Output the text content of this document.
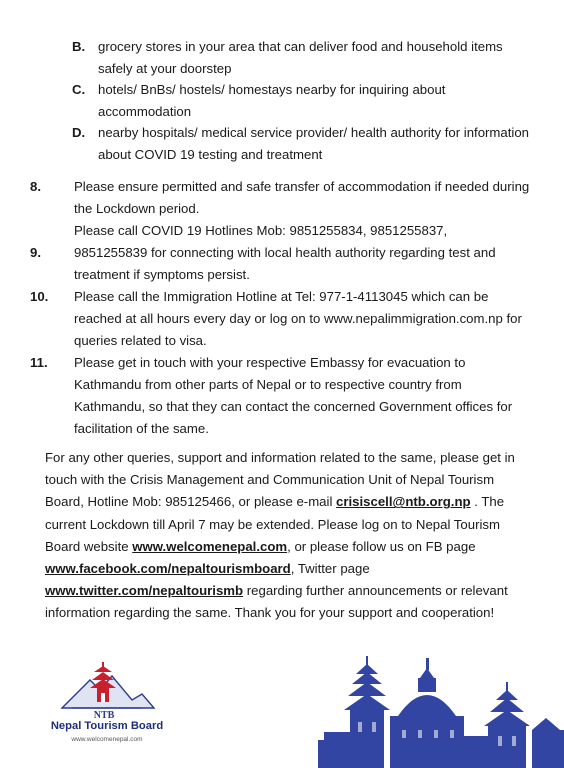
B. grocery stores in your area that can deliver food and household items safely at your doorstep
C. hotels/ BnBs/ hostels/ homestays nearby for inquiring about accommodation
D. nearby hospitals/ medical service provider/ health authority for information about COVID 19 testing and treatment
8.	Please ensure permitted and safe transfer of accommodation if needed during the Lockdown period.
Please call COVID 19 Hotlines Mob: 9851255834, 9851255837,
9.	9851255839 for connecting with local health authority regarding test and treatment if symptoms persist.
10.	Please call the Immigration Hotline at Tel: 977-1-4113045 which can be reached at all hours every day or log on to www.nepalimmigration.com.np for queries related to visa.
11.	Please get in touch with your respective Embassy for evacuation to Kathmandu from other parts of Nepal or to respective country from Kathmandu, so that they can contact the concerned Government offices for facilitation of the same.
For any other queries, support and information related to the same, please get in touch with the Crisis Management and Communication Unit of Nepal Tourism Board, Hotline Mob: 985125466, or please e-mail crisiscell@ntb.org.np . The current Lockdown till April 7 may be extended. Please log on to Nepal Tourism Board website www.welcomenepal.com, or please follow us on FB page www.facebook.com/nepaltourismboard, Twitter page www.twitter.com/nepaltourismb regarding further announcements or relevant information regarding the same. Thank you for your support and cooperation!
NTB
Nepal Tourism Board
www.welcomenepal.com
